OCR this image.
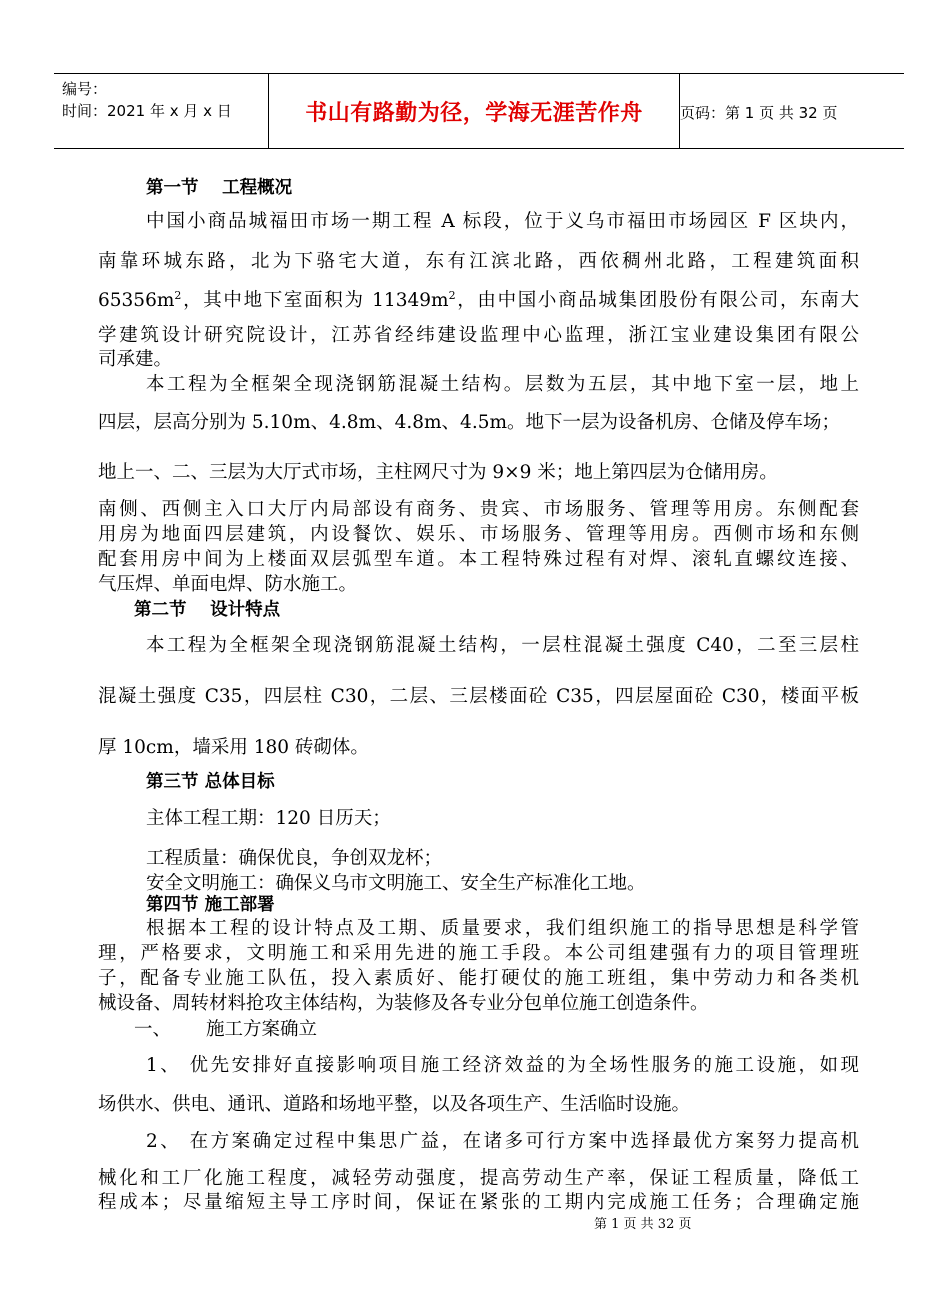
编号：
时间：2021 年 x 月 x 日	书山有路勤为径，学海无涯苦作舟	页码：第 1 页 共 32 页
第一节　 工程概况
中国小商品城福田市场一期工程 A 标段，位于义乌市福田市场园区 F 区块内，
南靠环城东路，北为下骆宅大道，东有江滨北路，西依稠州北路，工程建筑面积
$65356m^2$，其中地下室面积为 $11349m^2$，由中国小商品城集团股份有限公司，东南大
学建筑设计研究院设计，江苏省经纬建设监理中心监理，浙江宝业建设集团有限公
司承建。
本工程为全框架全现浇钢筋混凝土结构。层数为五层，其中地下室一层，地上
四层，层高分别为 5.10m、4.8m、4.8m、4.5m。地下一层为设备机房、仓储及停车场；
地上一、二、三层为大厅式市场，主柱网尺寸为 9×9 米；地上第四层为仓储用房。
南侧、西侧主入口大厅内局部设有商务、贵宾、市场服务、管理等用房。东侧配套
用房为地面四层建筑，内设餐饮、娱乐、市场服务、管理等用房。西侧市场和东侧
配套用房中间为上楼面双层弧型车道。本工程特殊过程有对焊、滚轧直螺纹连接、
气压焊、单面电焊、防水施工。
第二节　 设计特点
本工程为全框架全现浇钢筋混凝土结构，一层柱混凝土强度 C40，二至三层柱
混凝土强度 C35，四层柱 C30，二层、三层楼面砼 C35，四层屋面砼 C30，楼面平板
厚 10cm，墙采用 180 砖砌体。
第三节 总体目标
主体工程工期：120 日历天；
工程质量：确保优良，争创双龙杯；
安全文明施工：确保义乌市文明施工、安全生产标准化工地。
第四节 施工部署
根据本工程的设计特点及工期、质量要求，我们组织施工的指导思想是科学管
理，严格要求，文明施工和采用先进的施工手段。本公司组建强有力的项目管理班
子，配备专业施工队伍，投入素质好、能打硬仗的施工班组，集中劳动力和各类机
械设备、周转材料抢攻主体结构，为装修及各专业分包单位施工创造条件。
一、 施工方案确立
1、 优先安排好直接影响项目施工经济效益的为全场性服务的施工设施，如现
场供水、供电、通讯、道路和场地平整，以及各项生产、生活临时设施。
2、 在方案确定过程中集思广益，在诸多可行方案中选择最优方案努力提高机
械化和工厂化施工程度，减轻劳动强度，提高劳动生产率，保证工程质量，降低工
程成本；尽量缩短主导工序时间，保证在紧张的工期内完成施工任务；合理确定施
第 1 页 共 32 页
